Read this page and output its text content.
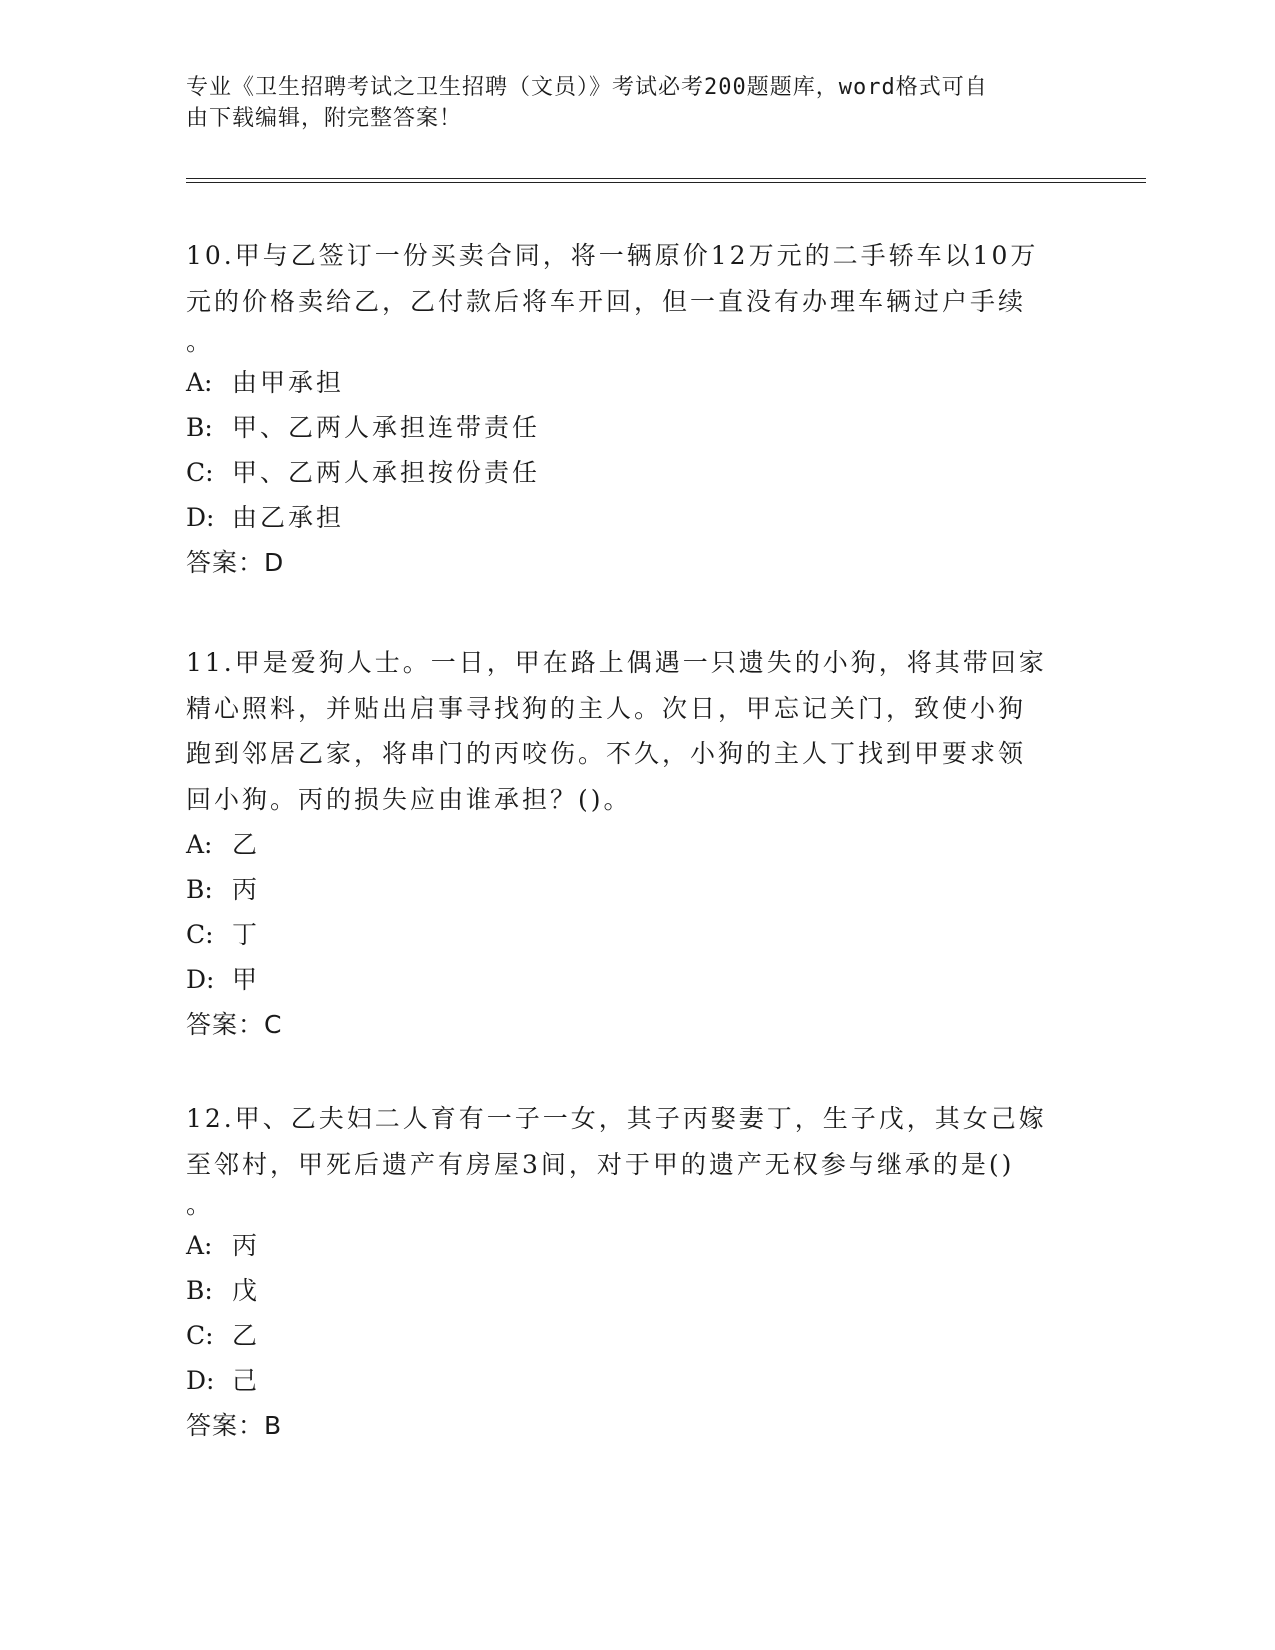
专业《卫生招聘考试之卫生招聘（文员）》考试必考200题题库，word格式可自
由下载编辑，附完整答案！
10.甲与乙签订一份买卖合同，将一辆原价12万元的二手轿车以10万
元的价格卖给乙，乙付款后将车开回，但一直没有办理车辆过户手续
。
A: 由甲承担
B: 甲、乙两人承担连带责任
C: 甲、乙两人承担按份责任
D: 由乙承担
答案：D
11.甲是爱狗人士。一日，甲在路上偶遇一只遗失的小狗，将其带回家
精心照料，并贴出启事寻找狗的主人。次日，甲忘记关门，致使小狗
跑到邻居乙家，将串门的丙咬伤。不久，小狗的主人丁找到甲要求领
回小狗。丙的损失应由谁承担？()。
A: 乙
B: 丙
C: 丁
D: 甲
答案：C
12.甲、乙夫妇二人育有一子一女，其子丙娶妻丁，生子戊，其女己嫁
至邻村，甲死后遗产有房屋3间，对于甲的遗产无权参与继承的是()
。
A: 丙
B: 戊
C: 乙
D: 己
答案：B
